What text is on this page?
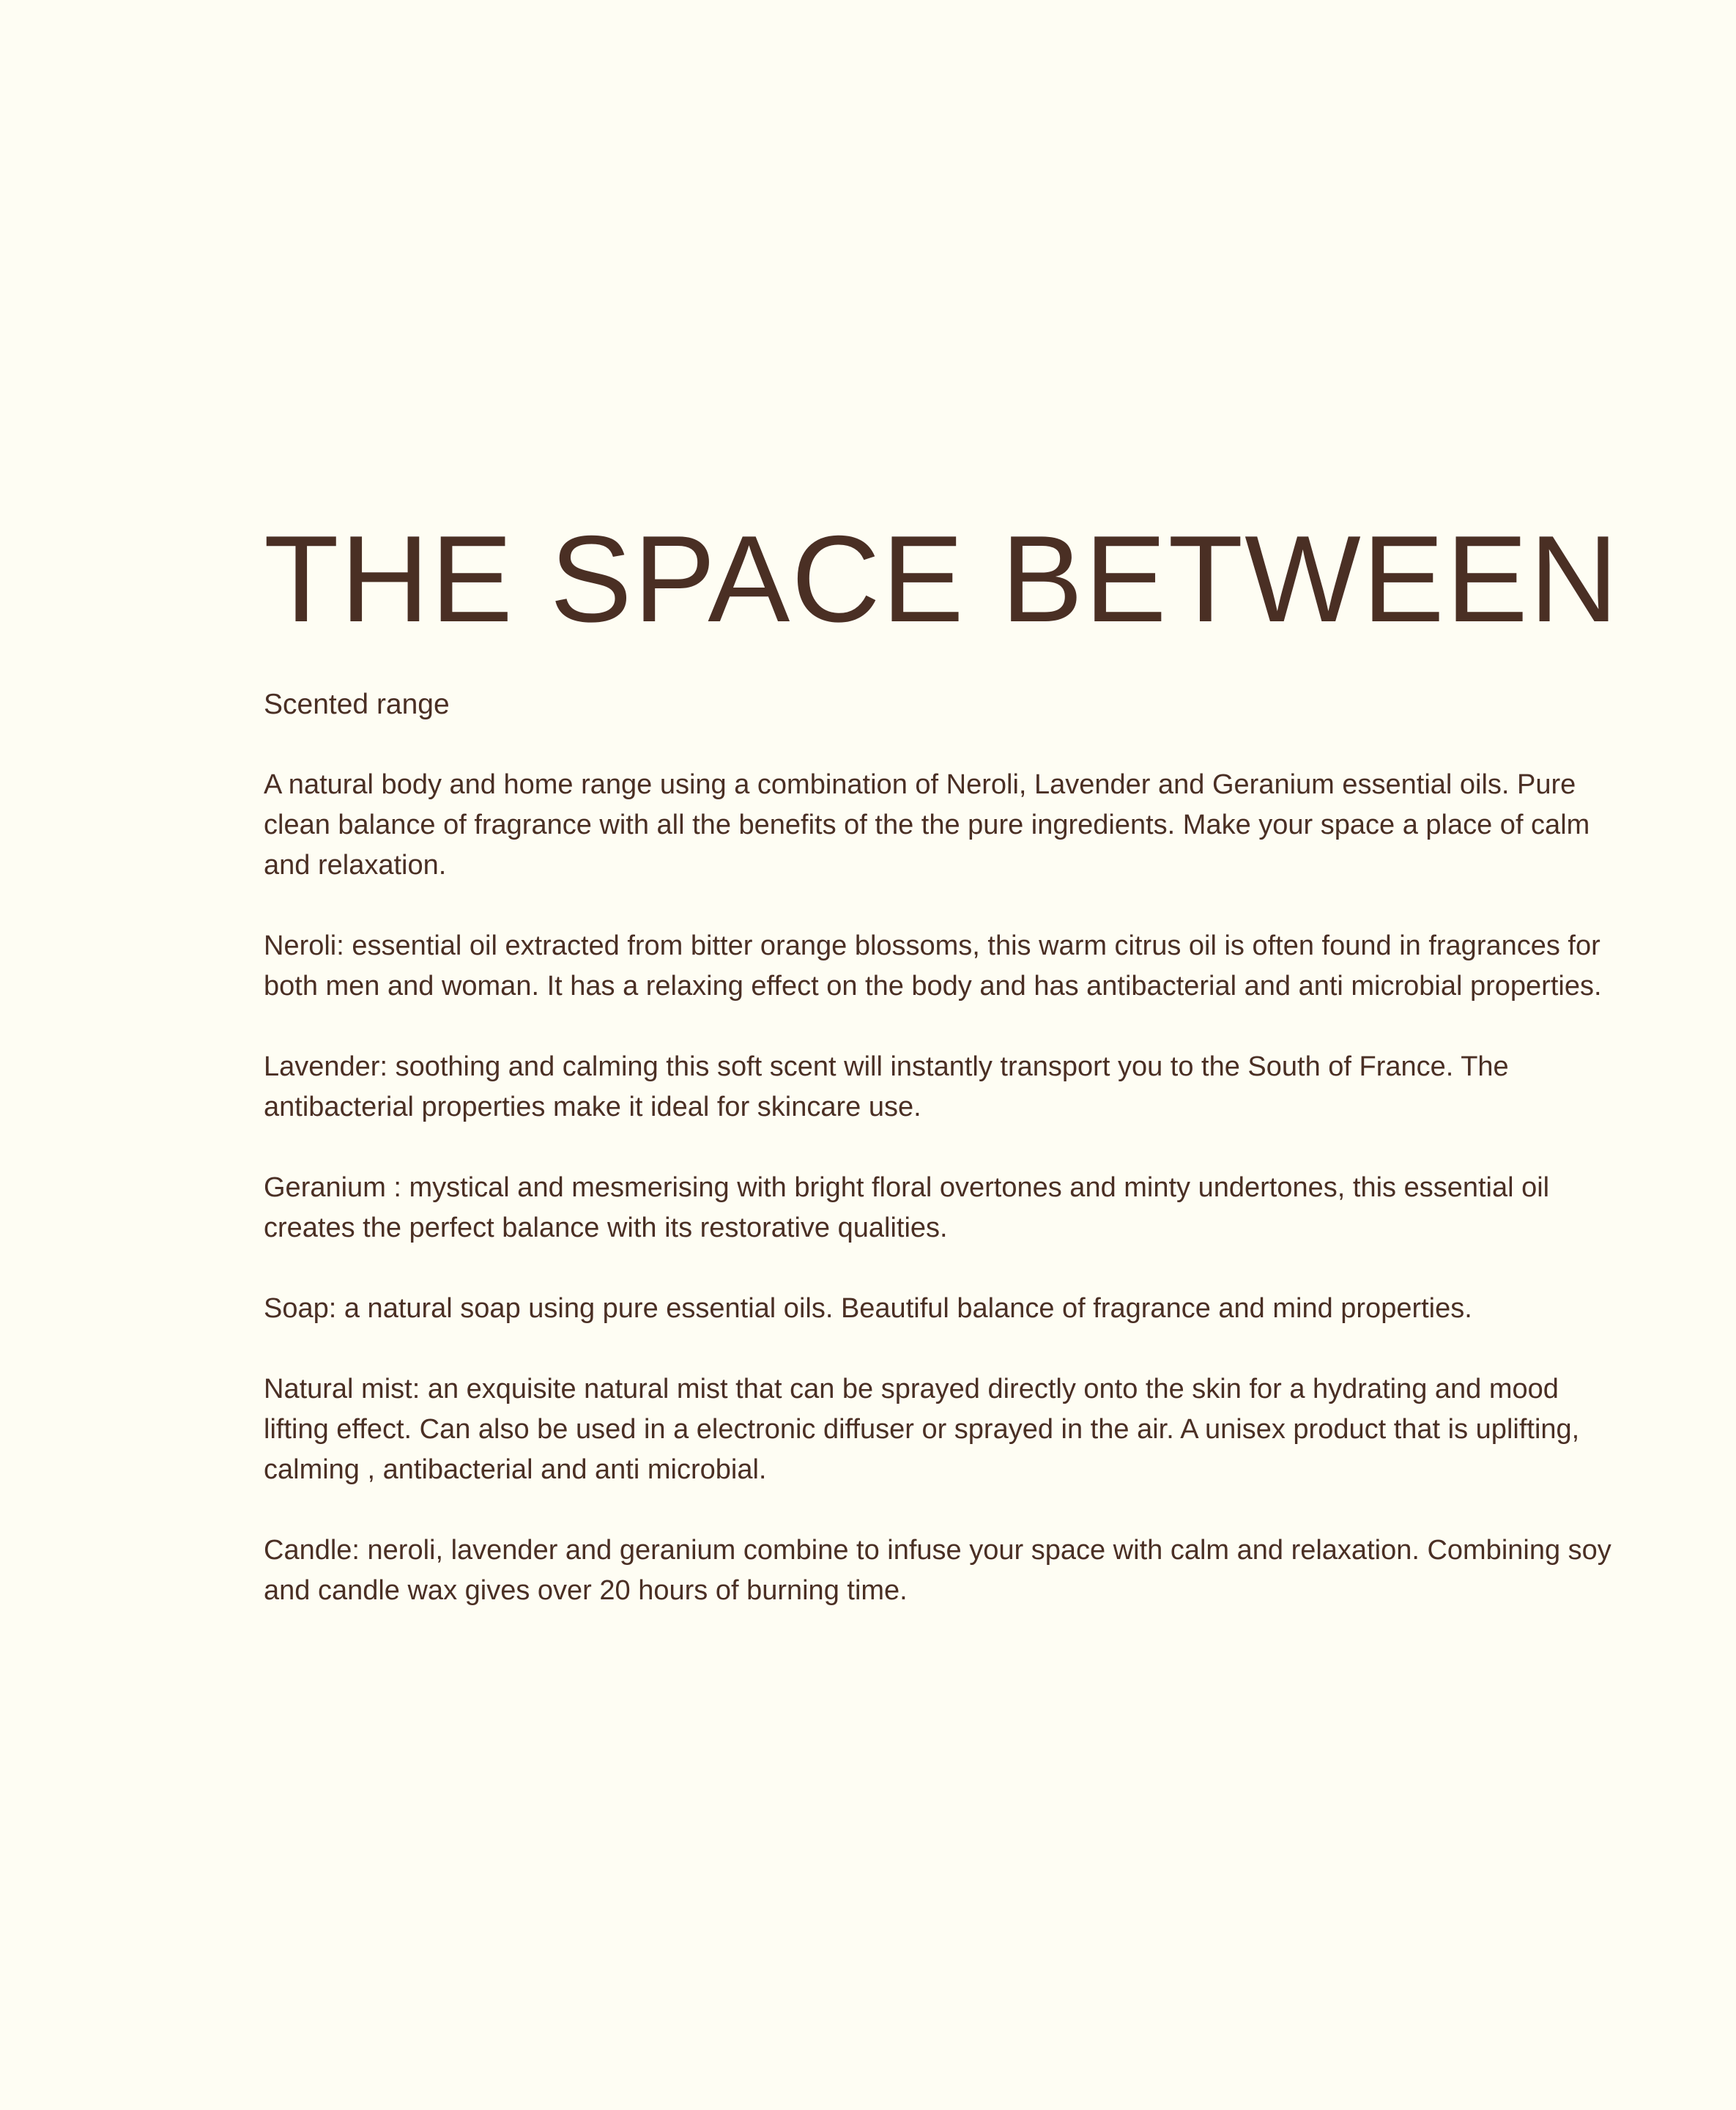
THE SPACE BETWEEN

Scented range

A natural body and home range using a combination of Neroli, Lavender and Geranium essential oils. Pure clean balance of fragrance with all the benefits of the the pure ingredients. Make your space a place of calm and relaxation.

Neroli: essential oil extracted from bitter orange blossoms, this warm citrus oil is often found in fragrances for both men and woman. It has a relaxing effect on the body and has antibacterial and anti microbial properties.

Lavender: soothing and calming this soft scent will instantly transport you to the South of France. The antibacterial properties make it ideal for skincare use.

Geranium : mystical and mesmerising with bright floral overtones and minty undertones, this essential oil creates the perfect balance with its restorative qualities.

Soap: a natural soap using pure essential oils. Beautiful balance of fragrance and mind properties.

Natural mist: an exquisite natural mist that can be sprayed directly onto the skin for a hydrating and mood lifting effect. Can also be used in a electronic diffuser or sprayed in the air. A unisex product that is uplifting, calming , antibacterial and anti microbial.

Candle: neroli, lavender and geranium combine to infuse your space with calm and relaxation. Combining soy and candle wax gives over 20 hours of burning time.
